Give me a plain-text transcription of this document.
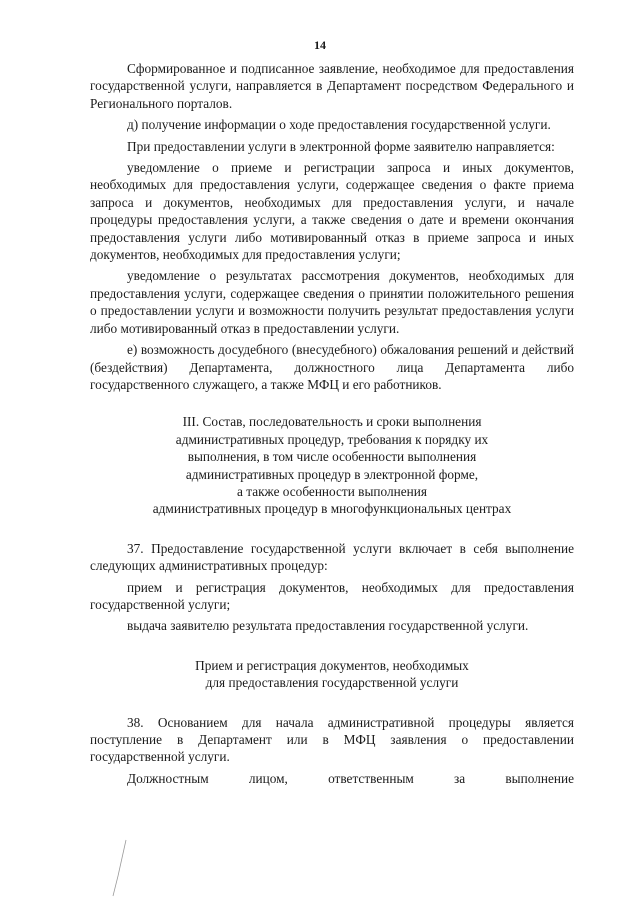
14

Сформированное и подписанное заявление, необходимое для предоставления государственной услуги, направляется в Департамент посредством Федерального и Регионального порталов.

д) получение информации о ходе предоставления государственной услуги.

При предоставлении услуги в электронной форме заявителю направляется:

уведомление о приеме и регистрации запроса и иных документов, необходимых для предоставления услуги, содержащее сведения о факте приема запроса и документов, необходимых для предоставления услуги, и начале процедуры предоставления услуги, а также сведения о дате и времени окончания предоставления услуги либо мотивированный отказ в приеме запроса и иных документов, необходимых для предоставления услуги;

уведомление о результатах рассмотрения документов, необходимых для предоставления услуги, содержащее сведения о принятии положительного решения о предоставлении услуги и возможности получить результат предоставления услуги либо мотивированный отказ в предоставлении услуги.

е) возможность досудебного (внесудебного) обжалования решений и действий (бездействия) Департамента, должностного лица Департамента либо государственного служащего, а также МФЦ и его работников.

III. Состав, последовательность и сроки выполнения

административных процедур, требования к порядку их

выполнения, в том числе особенности выполнения

административных процедур в электронной форме,

а также особенности выполнения

административных процедур в многофункциональных центрах

37. Предоставление государственной услуги включает в себя выполнение следующих административных процедур:

прием и регистрация документов, необходимых для предоставления государственной услуги;

выдача заявителю результата предоставления государственной услуги.

Прием и регистрация документов, необходимых

для предоставления государственной услуги

38. Основанием для начала административной процедуры является поступление в Департамент или в МФЦ заявления о предоставлении государственной услуги.

Должностным лицом, ответственным за выполнение
